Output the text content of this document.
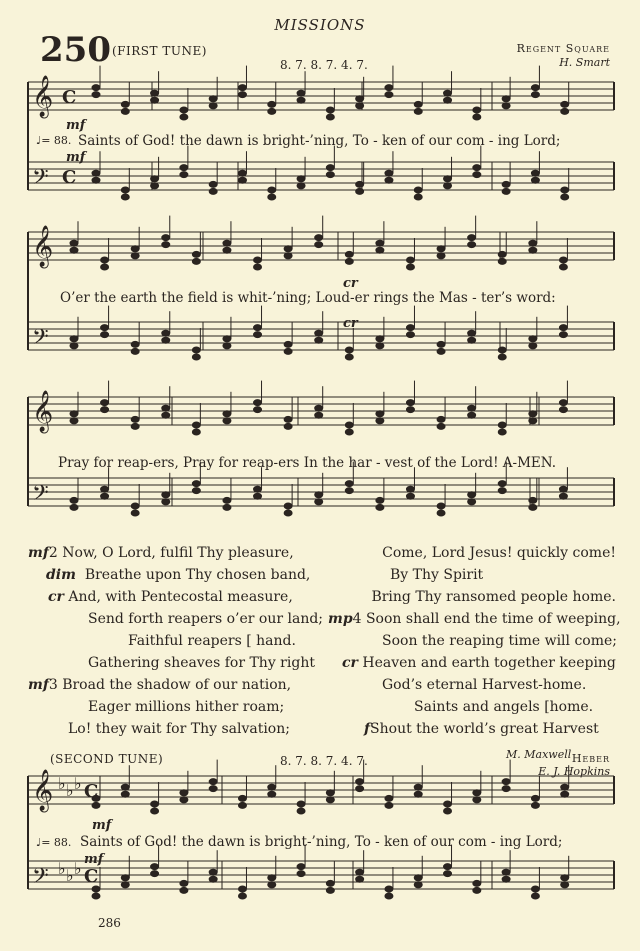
MISSIONS
250 (FIRST TUNE)
8. 7. 8. 7. 4. 7.
Regent Square
H. Smart
𝄞 C
𝄢 C
𝄞
𝄢
𝄞
𝄢
𝄞 ♭ ♭ ♭ C
𝄢 ♭ ♭ ♭ C
mf
♩= 88. Saints of God! the dawn is bright-’ning, To - ken of our com - ing Lord;
mf
cr
O’er the earth the field is whit-’ning; Loud-er rings the Mas - ter’s word:
cr
Pray for reap-ers, Pray for reap-ers In the har - vest of the Lord! A-MEN.
mf2 Now, O Lord, fulfil Thy pleasure,
dim Breathe upon Thy chosen band,
cr And, with Pentecostal measure,
Send forth reapers o’er our land;
Faithful reapers [ hand.
Gathering sheaves for Thy right
mf3 Broad the shadow of our nation,
Eager millions hither roam;
Lo! they wait for Thy salvation;
Come, Lord Jesus! quickly come!
By Thy Spirit
Bring Thy ransomed people home.
mp4 Soon shall end the time of weeping,
Soon the reaping time will come;
cr Heaven and earth together keeping
God’s eternal Harvest-home.
Saints and angels [home.
fShout the world’s great Harvest
M. Maxwell
(SECOND TUNE)	8. 7. 8. 7. 4. 7.	Heber
E. J. Hopkins
mf
♩= 88. Saints of God! the dawn is bright-’ning, To - ken of our com - ing Lord;
mf
286
